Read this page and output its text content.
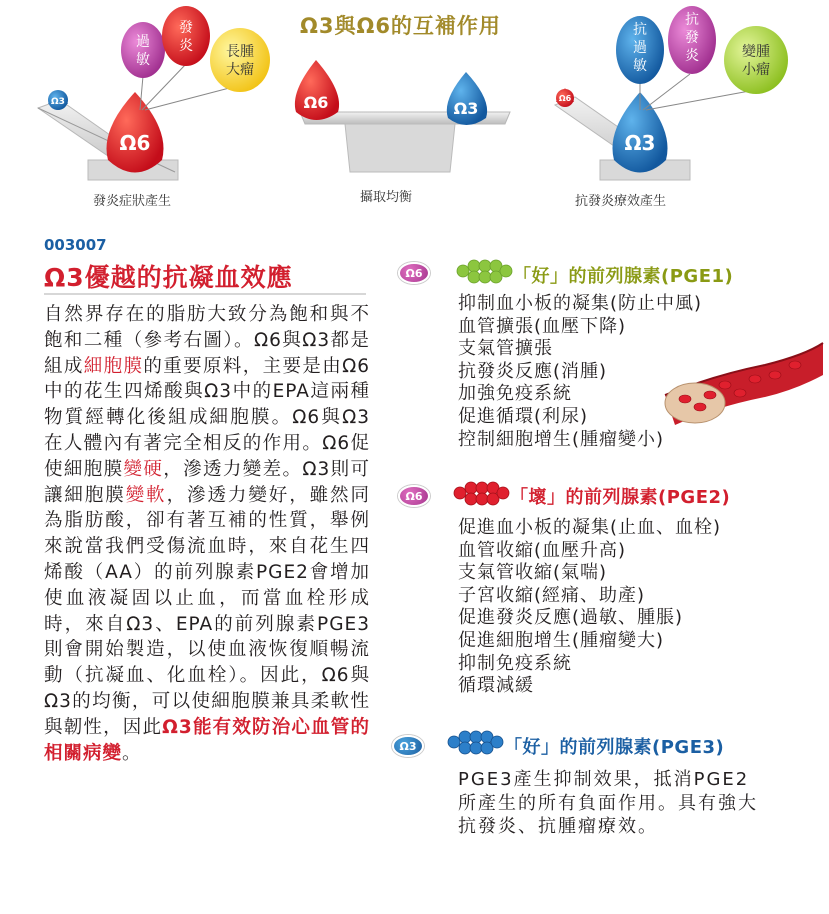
Ω3與Ω6的互補作用
Ω3
Ω6
過
敏
發
炎 長腫
大瘤
Ω6	Ω3
Ω6
Ω3
抗
過
敏
抗
發
炎	變腫
小瘤
發炎症狀產生	攝取均衡	抗發炎療效產生
003007
Ω3優越的抗凝血效應
自然界存在的脂肪大致分為飽和與不飽和二種（參考右圖）。Ω6與Ω3都是組成細胞膜的重要原料，主要是由Ω6中的花生四烯酸與Ω3中的EPA這兩種物質經轉化後組成細胞膜。Ω6與Ω3在人體內有著完全相反的作用。Ω6促使細胞膜變硬，滲透力變差。Ω3則可讓細胞膜變軟，滲透力變好，雖然同為脂肪酸，卻有著互補的性質，舉例來說當我們受傷流血時，來自花生四烯酸（AA）的前列腺素PGE2會增加使血液凝固以止血，而當血栓形成時，來自Ω3、EPA的前列腺素PGE3則會開始製造，以使血液恢復順暢流動（抗凝血、化血栓）。因此，Ω6與Ω3的均衡，可以使細胞膜兼具柔軟性與韌性，因此Ω3能有效防治心血管的相關病變。
Ω6	「好」的前列腺素(PGE1)
抑制血小板的凝集(防止中風)
血管擴張(血壓下降)
支氣管擴張
抗發炎反應(消腫)
加強免疫系統
促進循環(利尿)
控制細胞增生(腫瘤變小)
Ω6	「壞」的前列腺素(PGE2)
促進血小板的凝集(止血、血栓)
血管收縮(血壓升高)
支氣管收縮(氣喘)
子宮收縮(經痛、助產)
促進發炎反應(過敏、腫脹)
促進細胞增生(腫瘤變大)
抑制免疫系統
循環減緩
Ω3	「好」的前列腺素(PGE3)
PGE3產生抑制效果，抵消PGE2所產生的所有負面作用。具有強大抗發炎、抗腫瘤療效。
